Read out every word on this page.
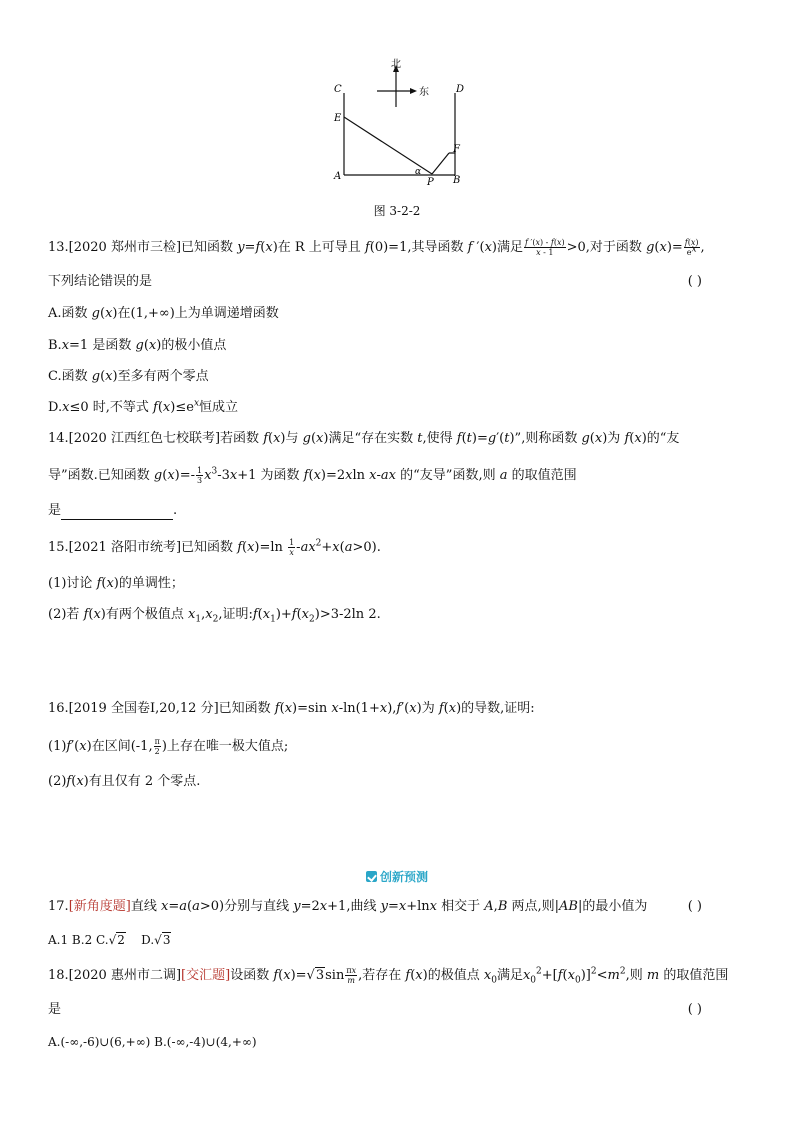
北
东
C	D
E
F
A	B
P
α
图 3-2-2
13.[2020 郑州市三检]已知函数 y=f(x)在 R 上可导且 f(0)=1,其导函数 f ′(x)满足 $\frac{f '(x) - f(x)}{x - 1} >0$,对于函数 $g(x)= \frac{f(x)}{e^x}$ ,
下列结论错误的是	( )
A.函数 g(x)在(1,+∞)上为单调递增函数
B.x=1 是函数 g(x)的极小值点
C.函数 g(x)至多有两个零点
D.x≤0 时,不等式 $f(x)\le e^x$恒成立
14.[2020 江西红色七校联考]若函数 f(x)与 g(x)满足“存在实数 t,使得 f(t)=g′(t)”,则称函数 g(x)为 f(x)的“友
导”函数.已知函数 $g(x)=- \frac{1}{3} x^3-3x+1$ 为函数 f(x)=2xln x-ax 的“友导”函数,则 a 的取值范围
是	.
15.[2021 洛阳市统考]已知函数 $f(x)=\ln \frac{1}{x} -ax^2+x(a>0)$.
(1)讨论 f(x)的单调性；
(2)若 f(x)有两个极值点 $x_1,x_2$,证明$:f(x_1)+f(x_2)>3-2\ln$ 2.
16.[2019 全国卷Ⅰ,20,12 分]已知函数 f(x)=sin x-ln(1+x),f′(x)为 f(x)的导数,证明:
(1)f′(x)在区间(-1, $\frac{\pi}{2}$ )上存在唯一极大值点;
(2)f(x)有且仅有 2 个零点.
创新预测
17.[新角度题]直线 x=a(a>0)分别与直线 y=2x+1,曲线 y=x+lnx 相交于 A,B 两点,则|AB|的最小值为	( )
A.1 B.2 C.√2 D.√3
18.[2020 惠州市二调][交汇题]设函数 $f(x)=√3\sin \frac{\pi x}{m}$ ,若存在 f(x)的极值点 $x_0$满足$x_0^2+[f(x_0)]^2<m^2$,则 m 的取值范围
是	( )
A.(-∞,-6)∪(6,+∞) B.(-∞,-4)∪(4,+∞)
